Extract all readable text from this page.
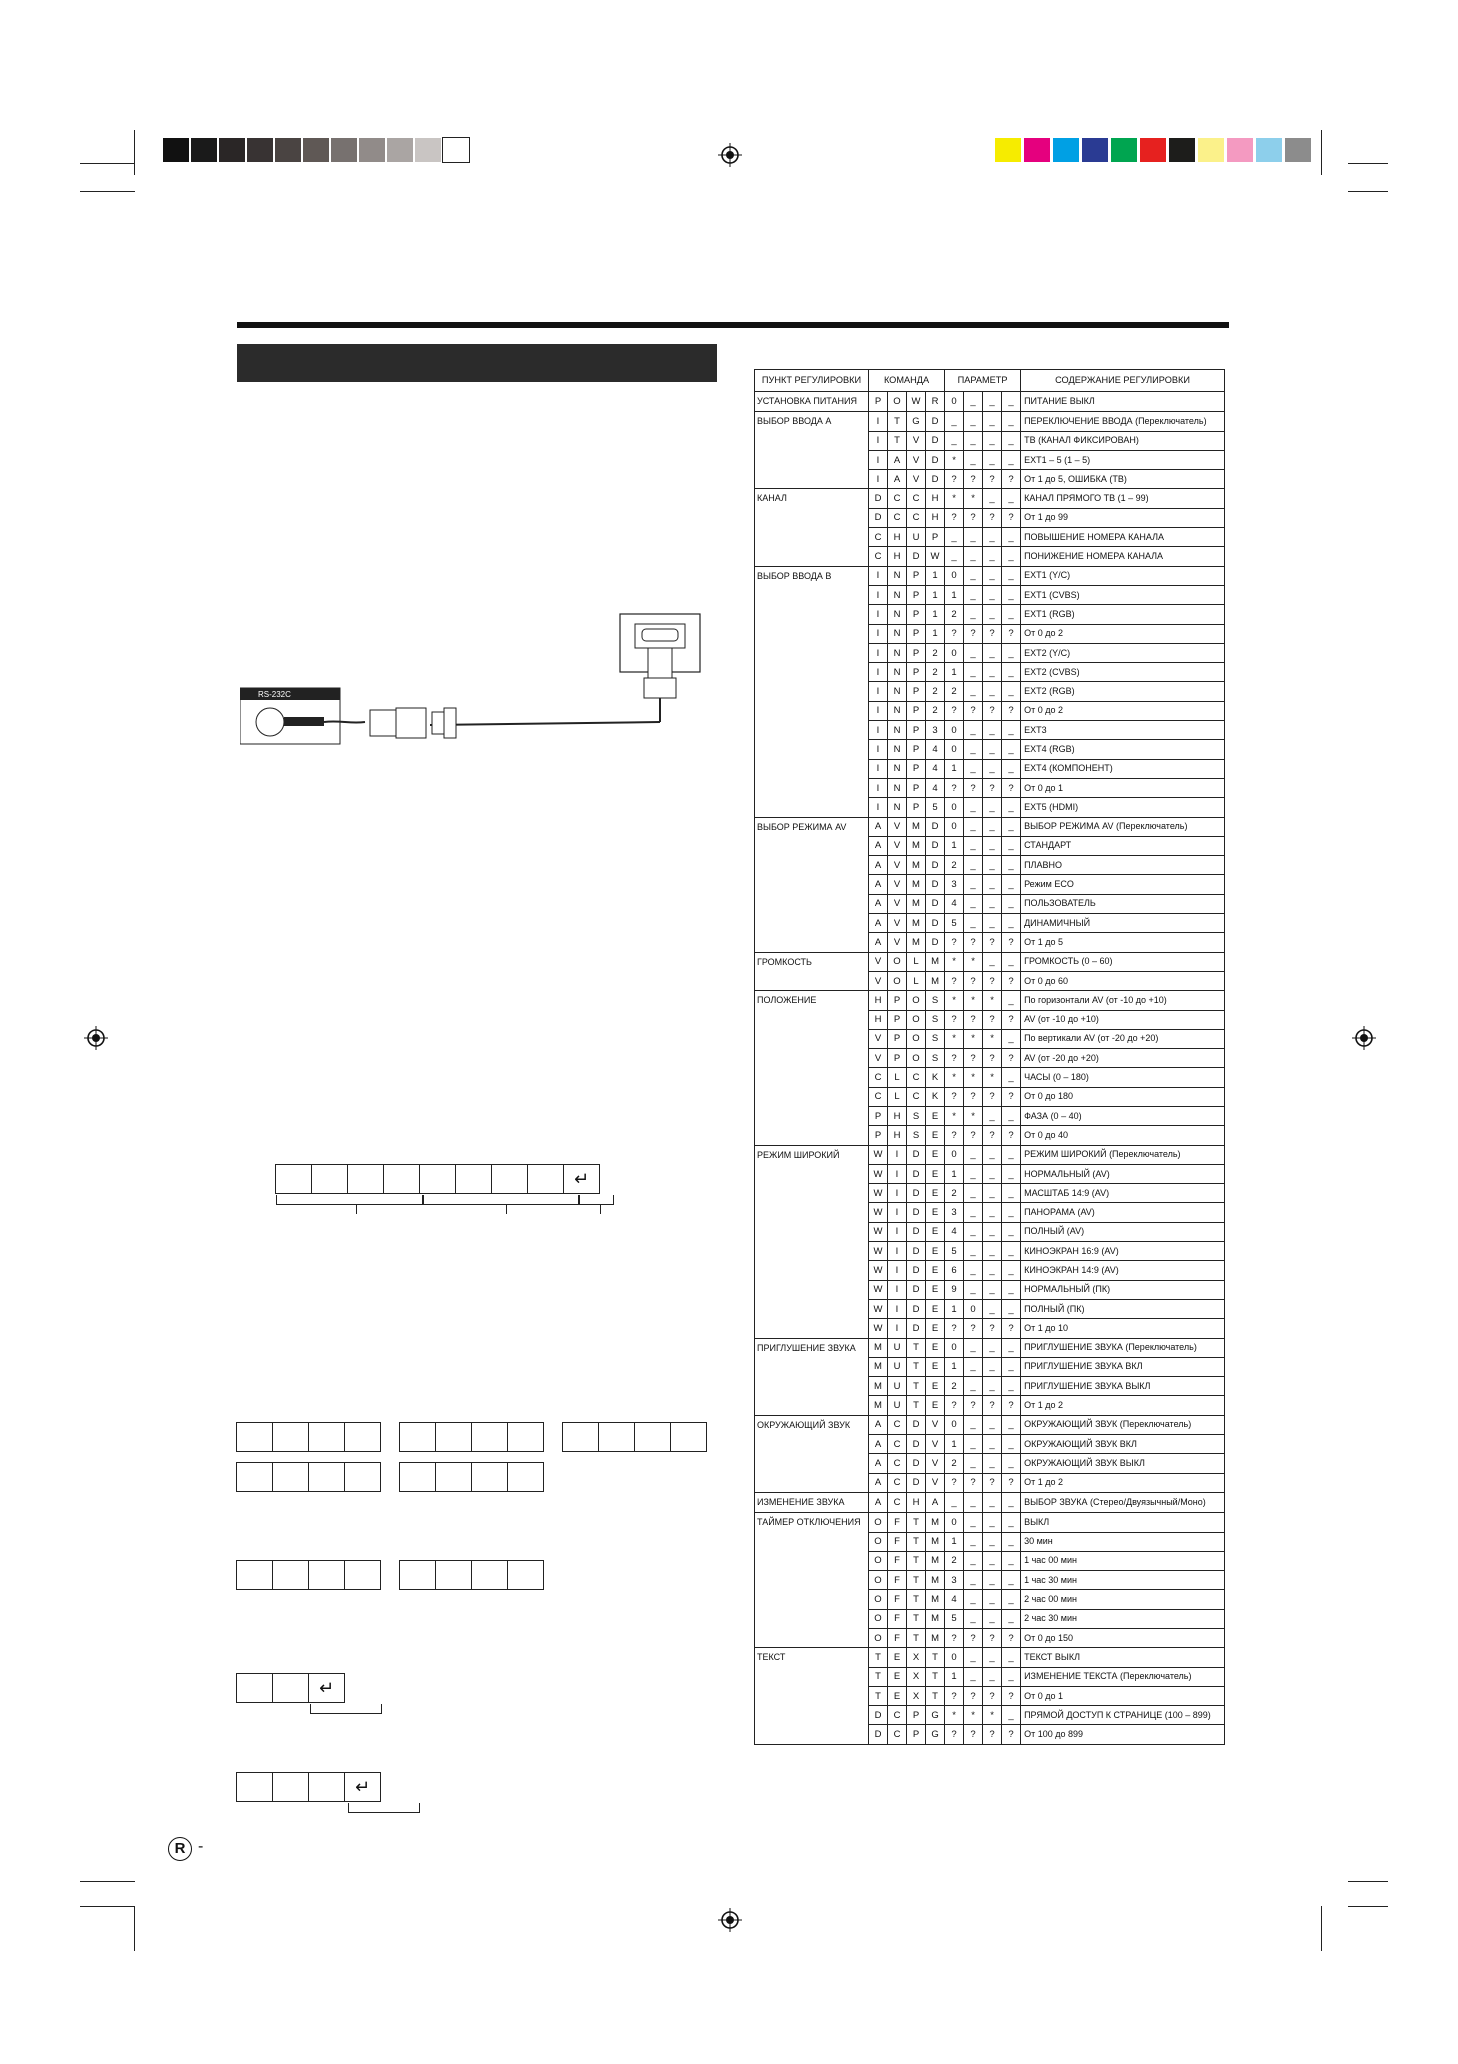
RS-232C
↵
↵
↵
R -
ПУНКТ РЕГУЛИРОВКИ	КОМАНДА				ПАРАМЕТР				СОДЕРЖАНИЕ РЕГУЛИРОВКИ
УСТАНОВКА ПИТАНИЯ	P	O	W	R	0	_	_	_	ПИТАНИЕ ВЫКЛ
ВЫБОР ВВОДА A	I	T	G	D	_	_	_	_	ПЕРЕКЛЮЧЕНИЕ ВВОДА (Переключатель)
	I	T	V	D	_	_	_	_	ТВ (КАНАЛ ФИКСИРОВАН)
	I	A	V	D	*	_	_	_	EXT1 – 5 (1 – 5)
	I	A	V	D	?	?	?	?	От 1 до 5, ОШИБКА (ТВ)
КАНАЛ	D	C	C	H	*	*	_	_	КАНАЛ ПРЯМОГО ТВ (1 – 99)
	D	C	C	H	?	?	?	?	От 1 до 99
	C	H	U	P	_	_	_	_	ПОВЫШЕНИЕ НОМЕРА КАНАЛА
	C	H	D	W	_	_	_	_	ПОНИЖЕНИЕ НОМЕРА КАНАЛА
ВЫБОР ВВОДА B	I	N	P	1	0	_	_	_	EXT1 (Y/C)
	I	N	P	1	1	_	_	_	EXT1 (CVBS)
	I	N	P	1	2	_	_	_	EXT1 (RGB)
	I	N	P	1	?	?	?	?	От 0 до 2
	I	N	P	2	0	_	_	_	EXT2 (Y/C)
	I	N	P	2	1	_	_	_	EXT2 (CVBS)
	I	N	P	2	2	_	_	_	EXT2 (RGB)
	I	N	P	2	?	?	?	?	От 0 до 2
	I	N	P	3	0	_	_	_	EXT3
	I	N	P	4	0	_	_	_	EXT4 (RGB)
	I	N	P	4	1	_	_	_	EXT4 (КОМПОНЕНТ)
	I	N	P	4	?	?	?	?	От 0 до 1
	I	N	P	5	0	_	_	_	EXT5 (HDMI)
ВЫБОР РЕЖИМА AV	A	V	M	D	0	_	_	_	ВЫБОР РЕЖИМА AV (Переключатель)
	A	V	M	D	1	_	_	_	СТАНДАРТ
	A	V	M	D	2	_	_	_	ПЛАВНО
	A	V	M	D	3	_	_	_	Режим ECO
	A	V	M	D	4	_	_	_	ПОЛЬЗОВАТЕЛЬ
	A	V	M	D	5	_	_	_	ДИНАМИЧНЫЙ
	A	V	M	D	?	?	?	?	От 1 до 5
ГРОМКОСТЬ	V	O	L	M	*	*	_	_	ГРОМКОСТЬ (0 – 60)
	V	O	L	M	?	?	?	?	От 0 до 60
ПОЛОЖЕНИЕ	H	P	O	S	*	*	*	_	По горизонтали AV (от -10 до +10)
	H	P	O	S	?	?	?	?	AV (от -10 до +10)
	V	P	O	S	*	*	*	_	По вертикали AV (от -20 до +20)
	V	P	O	S	?	?	?	?	AV (от -20 до +20)
	C	L	C	K	*	*	*	_	ЧАСЫ (0 – 180)
	C	L	C	K	?	?	?	?	От 0 до 180
	P	H	S	E	*	*	_	_	ФАЗА (0 – 40)
	P	H	S	E	?	?	?	?	От 0 до 40
РЕЖИМ ШИРОКИЙ	W	I	D	E	0	_	_	_	РЕЖИМ ШИРОКИЙ (Переключатель)
	W	I	D	E	1	_	_	_	НОРМАЛЬНЫЙ (AV)
	W	I	D	E	2	_	_	_	МАСШТАБ 14:9 (AV)
	W	I	D	E	3	_	_	_	ПАНОРАМА (AV)
	W	I	D	E	4	_	_	_	ПОЛНЫЙ (AV)
	W	I	D	E	5	_	_	_	КИНОЭКРАН 16:9 (AV)
	W	I	D	E	6	_	_	_	КИНОЭКРАН 14:9 (AV)
	W	I	D	E	9	_	_	_	НОРМАЛЬНЫЙ (ПК)
	W	I	D	E	1	0	_	_	ПОЛНЫЙ (ПК)
	W	I	D	E	?	?	?	?	От 1 до 10
ПРИГЛУШЕНИЕ ЗВУКА	M	U	T	E	0	_	_	_	ПРИГЛУШЕНИЕ ЗВУКА (Переключатель)
	M	U	T	E	1	_	_	_	ПРИГЛУШЕНИЕ ЗВУКА ВКЛ
	M	U	T	E	2	_	_	_	ПРИГЛУШЕНИЕ ЗВУКА ВЫКЛ
	M	U	T	E	?	?	?	?	От 1 до 2
ОКРУЖАЮЩИЙ ЗВУК	A	C	D	V	0	_	_	_	ОКРУЖАЮЩИЙ ЗВУК (Переключатель)
	A	C	D	V	1	_	_	_	ОКРУЖАЮЩИЙ ЗВУК ВКЛ
	A	C	D	V	2	_	_	_	ОКРУЖАЮЩИЙ ЗВУК ВЫКЛ
	A	C	D	V	?	?	?	?	От 1 до 2
ИЗМЕНЕНИЕ ЗВУКА	A	C	H	A	_	_	_	_	ВЫБОР ЗВУКА (Стерео/Двуязычный/Моно)
ТАЙМЕР ОТКЛЮЧЕНИЯ	O	F	T	M	0	_	_	_	ВЫКЛ
	O	F	T	M	1	_	_	_	30 мин
	O	F	T	M	2	_	_	_	1 час 00 мин
	O	F	T	M	3	_	_	_	1 час 30 мин
	O	F	T	M	4	_	_	_	2 час 00 мин
	O	F	T	M	5	_	_	_	2 час 30 мин
	O	F	T	M	?	?	?	?	От 0 до 150
ТЕКСТ	T	E	X	T	0	_	_	_	ТЕКСТ ВЫКЛ
	T	E	X	T	1	_	_	_	ИЗМЕНЕНИЕ ТЕКСТА (Переключатель)
	T	E	X	T	?	?	?	?	От 0 до 1
	D	C	P	G	*	*	*	_	ПРЯМОЙ ДОСТУП К СТРАНИЦЕ (100 – 899)
	D	C	P	G	?	?	?	?	От 100 до 899
